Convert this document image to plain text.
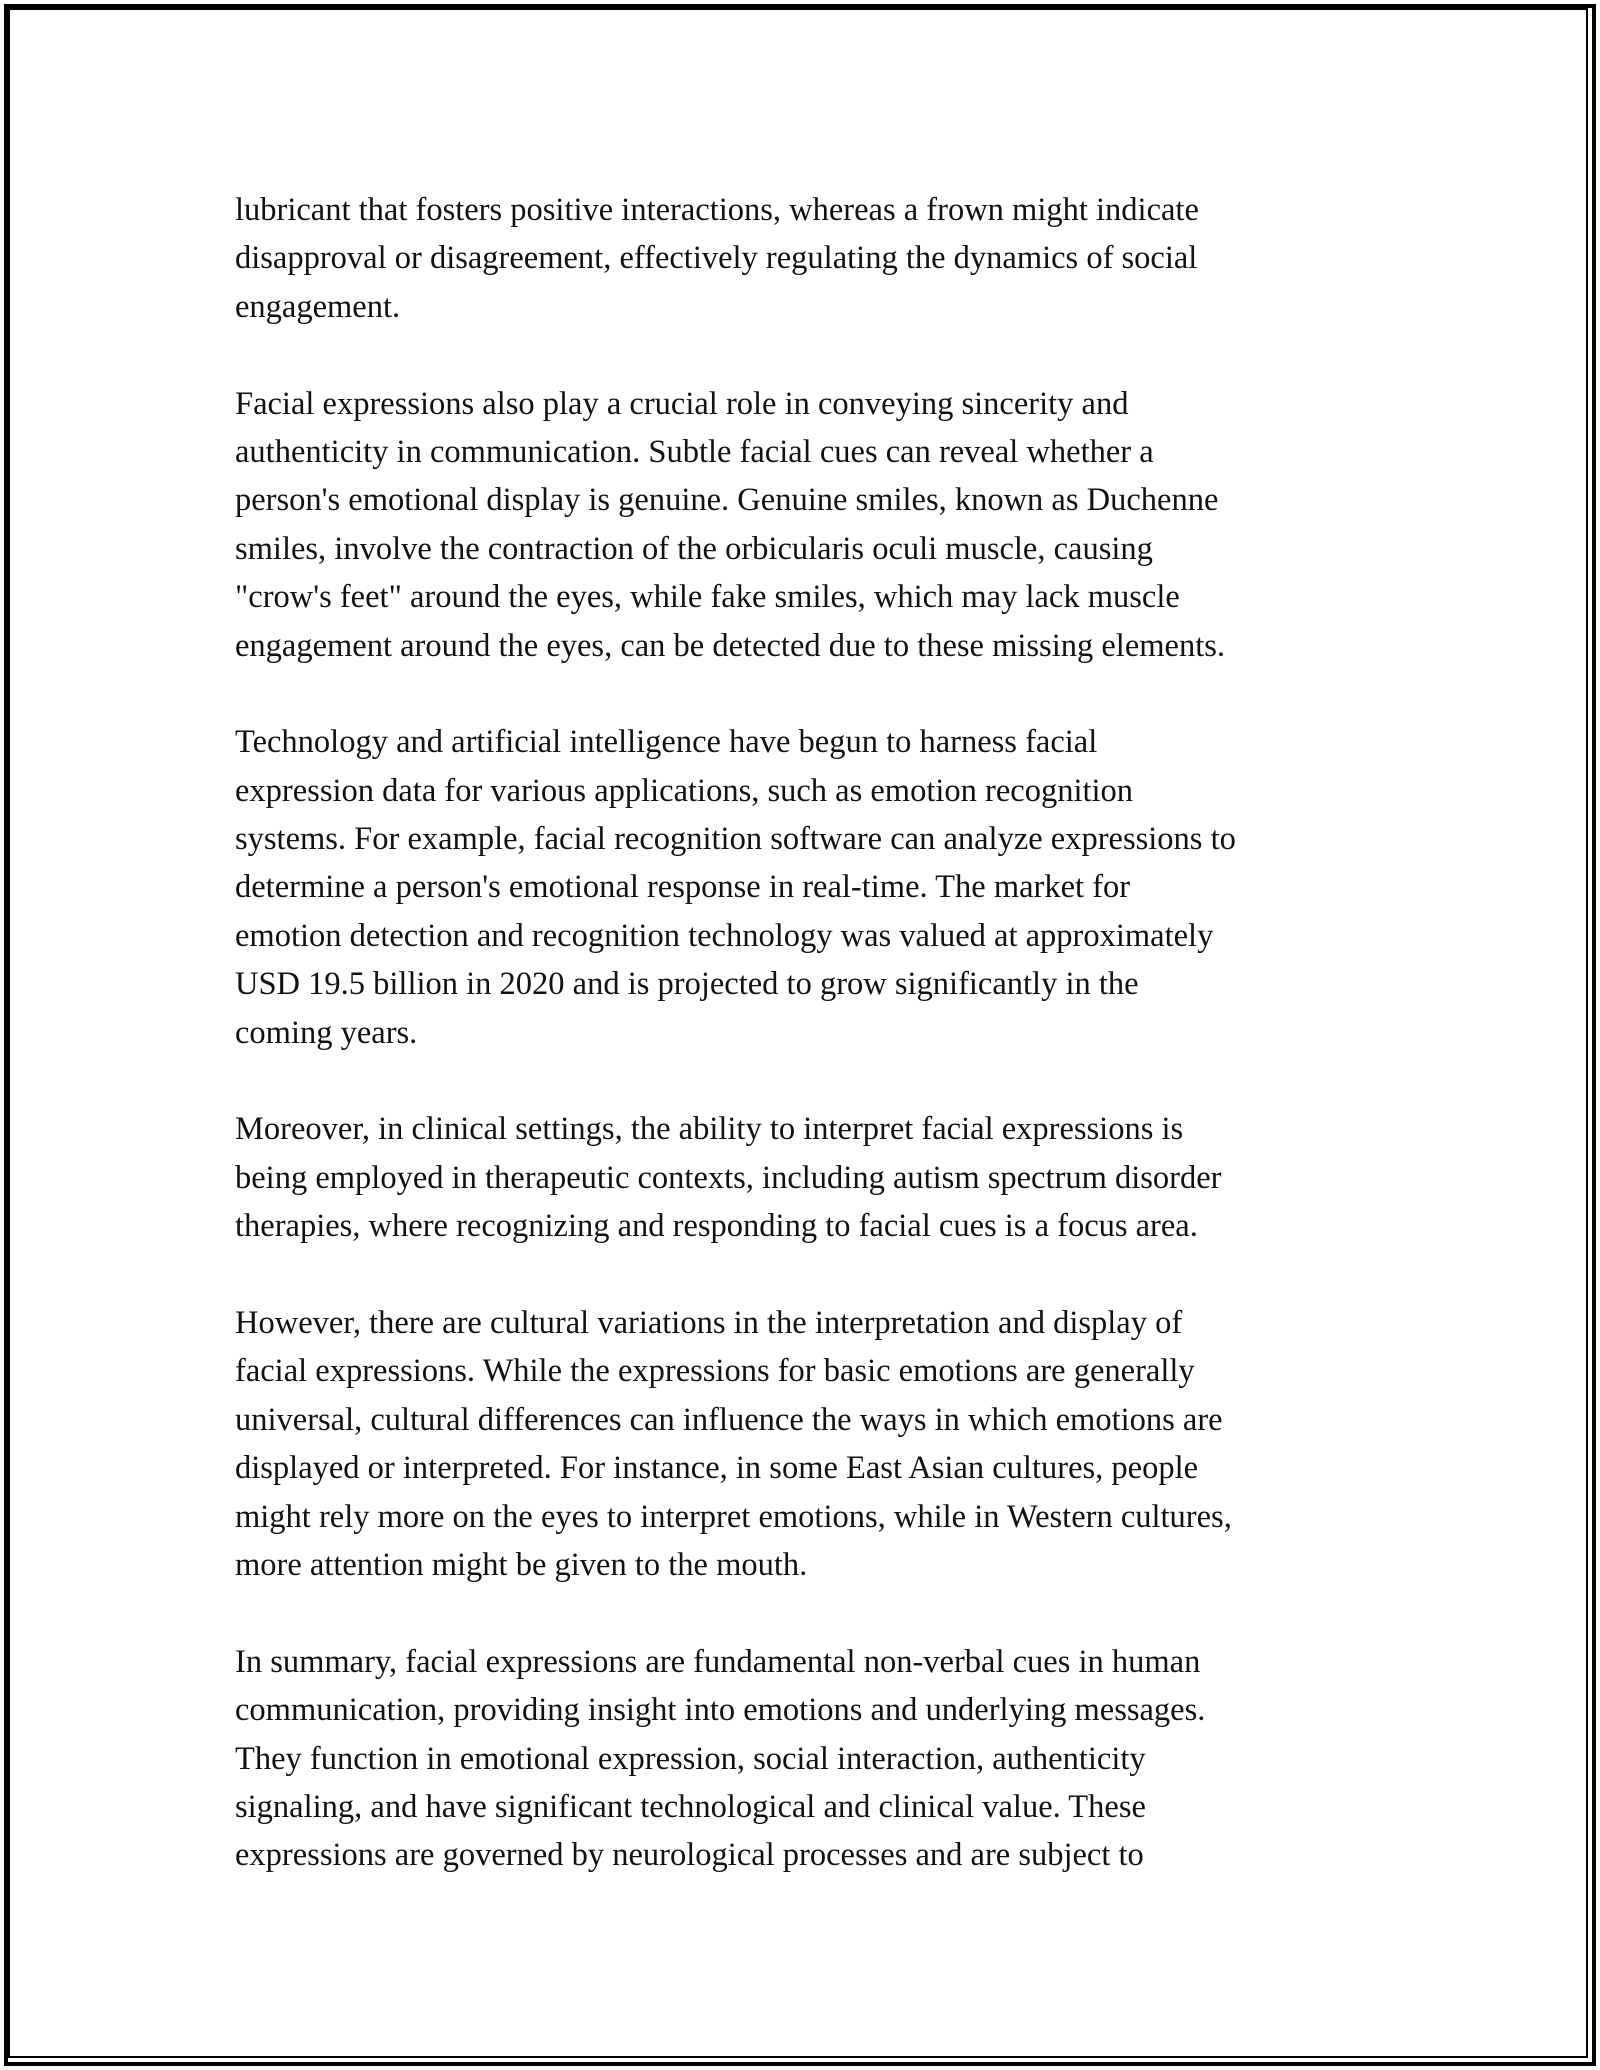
lubricant that fosters positive interactions, whereas a frown might indicate
disapproval or disagreement, effectively regulating the dynamics of social
engagement.

Facial expressions also play a crucial role in conveying sincerity and
authenticity in communication. Subtle facial cues can reveal whether a
person's emotional display is genuine. Genuine smiles, known as Duchenne
smiles, involve the contraction of the orbicularis oculi muscle, causing
"crow's feet" around the eyes, while fake smiles, which may lack muscle
engagement around the eyes, can be detected due to these missing elements.

Technology and artificial intelligence have begun to harness facial
expression data for various applications, such as emotion recognition
systems. For example, facial recognition software can analyze expressions to
determine a person's emotional response in real-time. The market for
emotion detection and recognition technology was valued at approximately
USD 19.5 billion in 2020 and is projected to grow significantly in the
coming years.

Moreover, in clinical settings, the ability to interpret facial expressions is
being employed in therapeutic contexts, including autism spectrum disorder
therapies, where recognizing and responding to facial cues is a focus area.

However, there are cultural variations in the interpretation and display of
facial expressions. While the expressions for basic emotions are generally
universal, cultural differences can influence the ways in which emotions are
displayed or interpreted. For instance, in some East Asian cultures, people
might rely more on the eyes to interpret emotions, while in Western cultures,
more attention might be given to the mouth.

In summary, facial expressions are fundamental non-verbal cues in human
communication, providing insight into emotions and underlying messages.
They function in emotional expression, social interaction, authenticity
signaling, and have significant technological and clinical value. These
expressions are governed by neurological processes and are subject to
